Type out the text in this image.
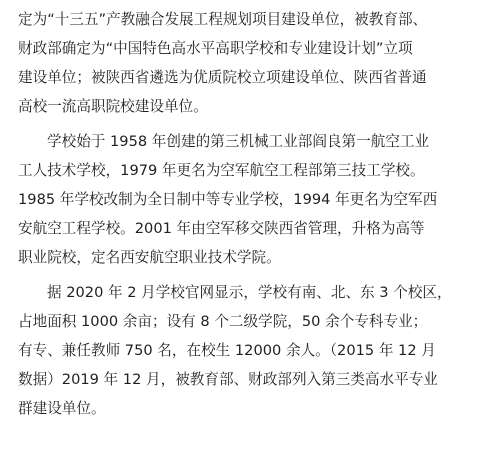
定为“十三五”产教融合发展工程规划项目建设单位，被教育部、
财政部确定为“中国特色高水平高职学校和专业建设计划”立项
建设单位；被陕西省遴选为优质院校立项建设单位、陕西省普通
高校一流高职院校建设单位。
学校始于 1958 年创建的第三机械工业部阎良第一航空工业
工人技术学校，1979 年更名为空军航空工程部第三技工学校。
1985 年学校改制为全日制中等专业学校，1994 年更名为空军西
安航空工程学校。2001 年由空军移交陕西省管理，升格为高等
职业院校，定名西安航空职业技术学院。
据 2020 年 2 月学校官网显示，学校有南、北、东 3 个校区，
占地面积 1000 余亩；设有 8 个二级学院，50 余个专科专业；
有专、兼任教师 750 名，在校生 12000 余人。（2015 年 12 月
数据）2019 年 12 月，被教育部、财政部列入第三类高水平专业
群建设单位。
